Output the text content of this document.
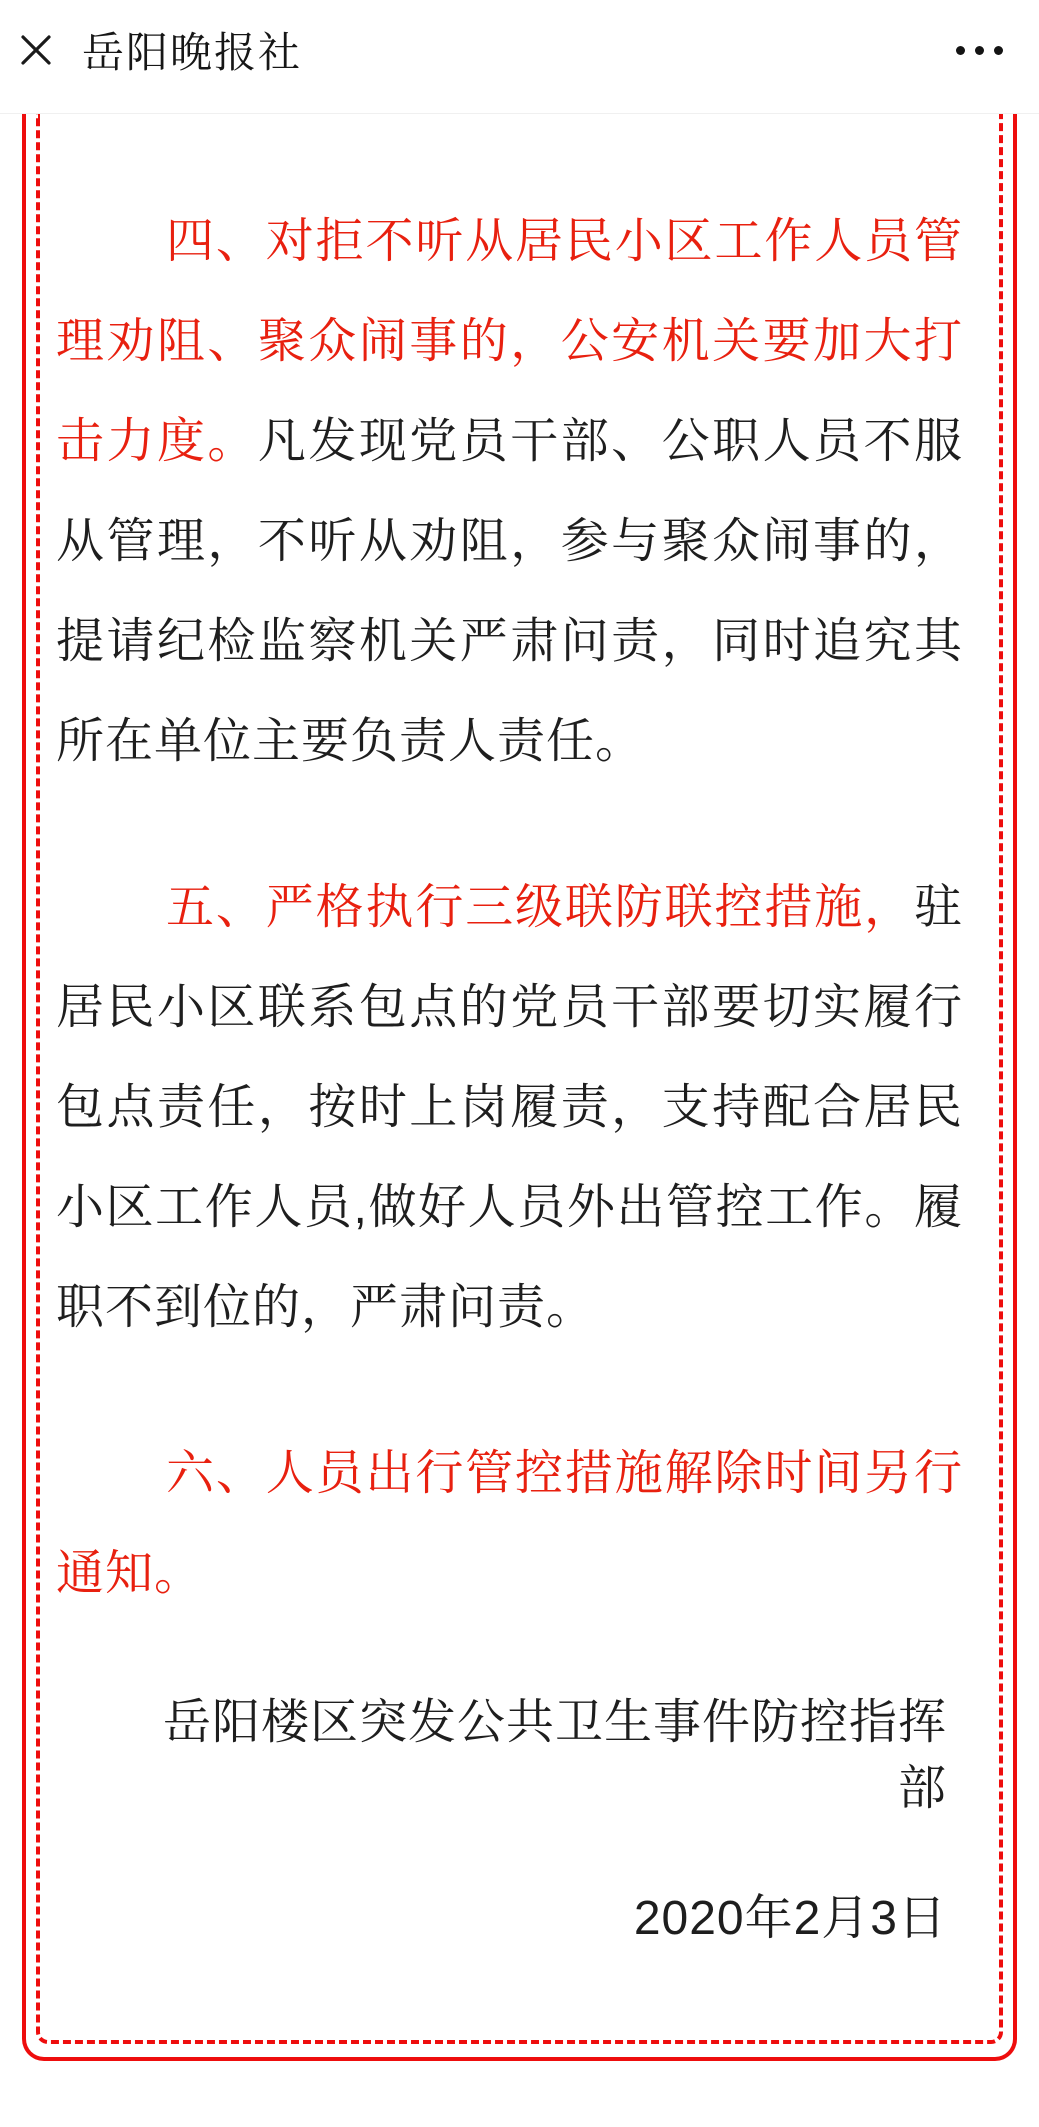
岳阳晚报社

四、对拒不听从居民小区工作人员管理劝阻、聚众闹事的，公安机关要加大打击力度。凡发现党员干部、公职人员不服从管理，不听从劝阻，参与聚众闹事的，提请纪检监察机关严肃问责，同时追究其所在单位主要负责人责任。

五、严格执行三级联防联控措施，驻居民小区联系包点的党员干部要切实履行包点责任，按时上岗履责，支持配合居民小区工作人员,做好人员外出管控工作。履职不到位的，严肃问责。

六、人员出行管控措施解除时间另行通知。

岳阳楼区突发公共卫生事件防控指挥部

2020年2月3日
